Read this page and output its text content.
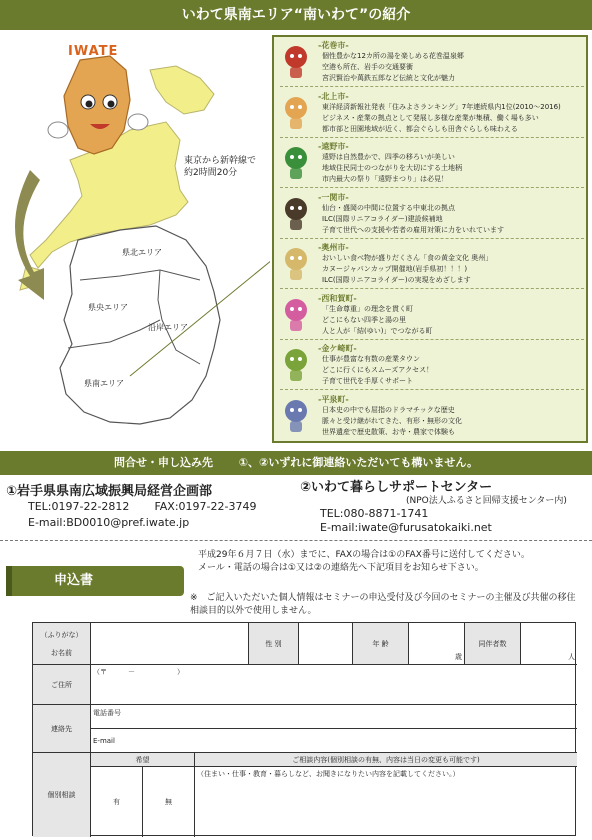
いわて県南エリア“南いわて”の紹介
県北エリア
県央エリア
沿岸エリア
県南エリア
IWATE
東京から新幹線で
約2時間20分
-花巻市-
個性豊かな12カ所の湯を楽しめる花巻温泉郷
空港も所在、岩手の交通要衝
宮沢賢治や萬鉄五郎など伝統と文化が魅力
-北上市-
東洋経済新報社発表「住みよさランキング」7年連続県内1位(2010～2016)
ビジネス・産業の拠点として発展し多様な産業が集積、働く場も多い
都市部と田園地域が近く、都会ぐらしも田舎ぐらしも味わえる
-遠野市-
遠野は自然豊かで、四季の移ろいが美しい
地域住民同士のつながりを大切にする土地柄
市内最大の祭り「遠野まつり」は必見！
-一関市-
仙台・盛岡の中間に位置する中東北の拠点
ILC(国際リニアコライダー)建設候補地
子育て世代への支援や若者の雇用対策に力をいれています
-奥州市-
おいしい食べ物が盛りだくさん「食の黄金文化 奥州」
カヌージャパンカップ開催地(岩手県初！！！)
ILC(国際リニアコライダー)の実現をめざします
-西和賀町-
「生命尊重」の理念を貫く町
どこにもない四季と湯の里
人と人が「結(ゆい)」でつながる町
-金ケ崎町-
仕事が豊富な有数の産業タウン
どこに行くにもスムーズアクセス！
子育て世代を手厚くサポート
-平泉町-
日本史の中でも屈指のドラマチックな歴史
脈々と受け継がれてきた、有形・無形の文化
世界遺産で歴史散策、お寺・農家で体験も
問合せ・申し込み先 ①、②いずれに御連絡いただいても構いません。
①岩手県県南広域振興局経営企画部
TEL:0197-22-2812 FAX:0197-22-3749
E-mail:BD0010@pref.iwate.jp
②いわて暮らしサポートセンター
(NPO法人ふるさと回帰支援センター内)
TEL:080-8871-1741
E-mail:iwate@furusatokaiki.net
申込書
平成29年６月７日（水）までに、FAXの場合は①のFAX番号に送付してください。
メール・電話の場合は①又は②の連絡先へ下記項目をお知らせ下さい。
※　ご記入いただいた個人情報はセミナーの申込受付及び今回のセミナーの主催及び共催の移住相談目的以外で使用しません。
（ふりがな）
お名前
性 別	年 齢
歳
同伴者数
人
ご住所
（〒　　　－　　　　　　）
連絡先
電話番号
E-mail
個別相談
希望
有	無
ご相談内容(個別相談の有無、内容は当日の変更も可能です)
（住まい・仕事・教育・暮らしなど、お聞きになりたい内容を記載してください。）
